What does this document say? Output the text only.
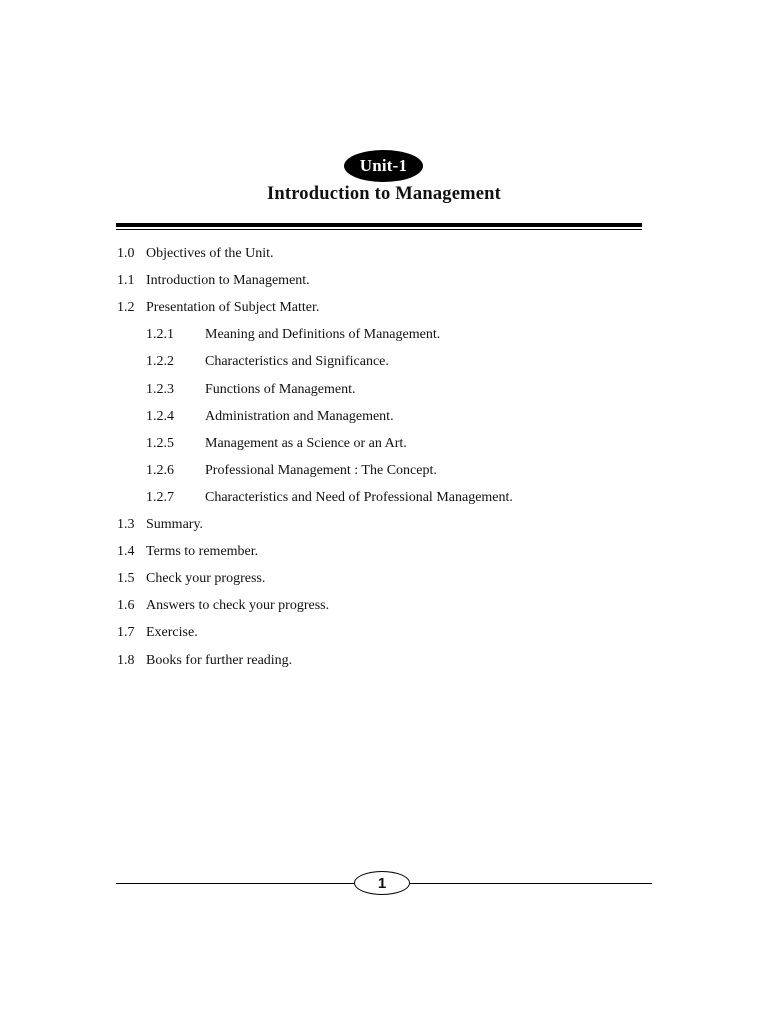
Unit-1
Introduction to Management
1.0 Objectives of the Unit.
1.1 Introduction to Management.
1.2 Presentation of Subject Matter.
1.2.1 Meaning and Definitions of Management.
1.2.2 Characteristics and Significance.
1.2.3 Functions of Management.
1.2.4 Administration and Management.
1.2.5 Management as a Science or an Art.
1.2.6 Professional Management : The Concept.
1.2.7 Characteristics and Need of Professional Management.
1.3 Summary.
1.4 Terms to remember.
1.5 Check your progress.
1.6 Answers to check your progress.
1.7 Exercise.
1.8 Books for further reading.
1
